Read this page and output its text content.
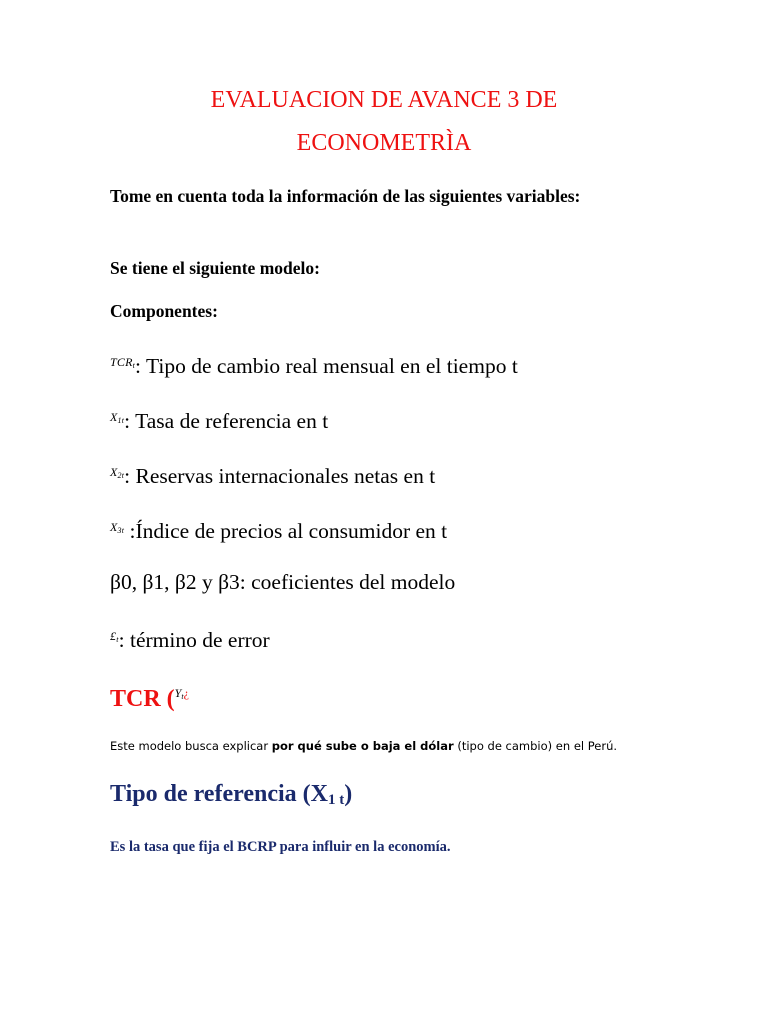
EVALUACION DE AVANCE 3 DE
ECONOMETRÌA
Tome en cuenta toda la información de las siguientes variables:
Se tiene el siguiente modelo:
Componentes:
$^{TCR_t}$: Tipo de cambio real mensual en el tiempo t
$^{X_{1t}}$: Tasa de referencia en t
$^{X_{2t}}$: Reservas internacionales netas en t
$^{X_{3t}}$ :Índice de precios al consumidor en t
β0, β1, β2 y β3: coeficientes del modelo
$^{£_t}$: término de error
TCR ($^{Y_t¿}$
Este modelo busca explicar por qué sube o baja el dólar (tipo de cambio) en el Perú.
Tipo de referencia (X1 t)
Es la tasa que fija el BCRP para influir en la economía.
